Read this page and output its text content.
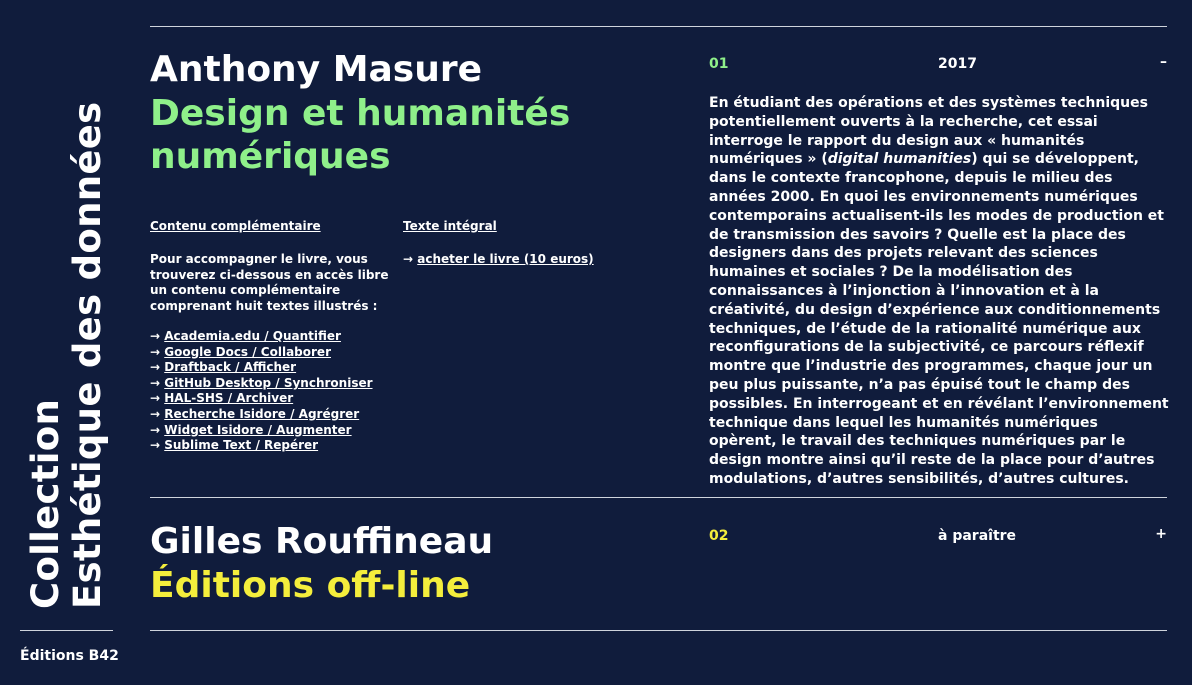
Collection Esthétique des données
Éditions B42
Anthony Masure
Design et humanités numériques
01	2017	–
Contenu complémentaire	Texte intégral
Pour accompagner le livre, vous trouverez ci-dessous en accès libre un contenu complémentaire comprenant huit textes illustrés :
→ Academia.edu / Quantifier
→ Google Docs / Collaborer
→ Draftback / Afficher
→ GitHub Desktop / Synchroniser
→ HAL-SHS / Archiver
→ Recherche Isidore / Agrégrer
→ Widget Isidore / Augmenter
→ Sublime Text / Repérer
→ acheter le livre (10 euros)
En étudiant des opérations et des systèmes techniques potentiellement ouverts à la recherche, cet essai interroge le rapport du design aux « humanités numériques » (digital humanities) qui se développent, dans le contexte francophone, depuis le milieu des années 2000. En quoi les environnements numériques contemporains actualisent-ils les modes de production et de transmission des savoirs ? Quelle est la place des designers dans des projets relevant des sciences humaines et sociales ? De la modélisation des connaissances à l’injonction à l’innovation et à la créativité, du design d’expérience aux conditionnements techniques, de l’étude de la rationalité numérique aux reconfigurations de la subjectivité, ce parcours réflexif montre que l’industrie des programmes, chaque jour un peu plus puissante, n’a pas épuisé tout le champ des possibles. En interrogeant et en révélant l’environnement technique dans lequel les humanités numériques opèrent, le travail des techniques numériques par le design montre ainsi qu’il reste de la place pour d’autres modulations, d’autres sensibilités, d’autres cultures.
Gilles Rouffineau
Éditions off-line
02	à paraître	+
